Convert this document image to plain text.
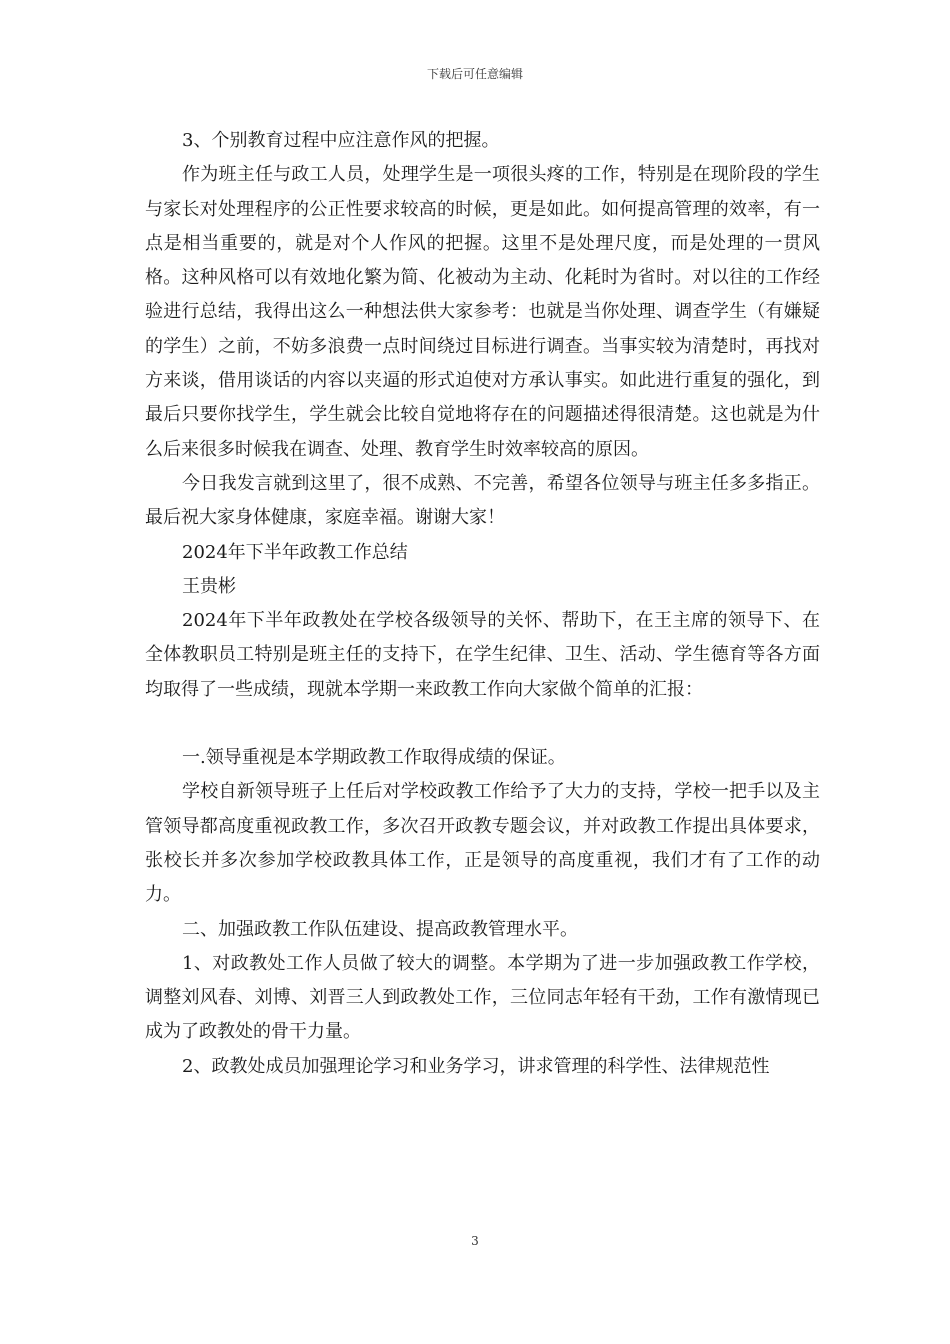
下载后可任意编辑

3、个别教育过程中应注意作风的把握。

作为班主任与政工人员，处理学生是一项很头疼的工作，特别是在现阶段的学生与家长对处理程序的公正性要求较高的时候，更是如此。如何提高管理的效率，有一点是相当重要的，就是对个人作风的把握。这里不是处理尺度，而是处理的一贯风格。这种风格可以有效地化繁为简、化被动为主动、化耗时为省时。对以往的工作经验进行总结，我得出这么一种想法供大家参考：也就是当你处理、调查学生（有嫌疑的学生）之前，不妨多浪费一点时间绕过目标进行调查。当事实较为清楚时，再找对方来谈，借用谈话的内容以夹逼的形式迫使对方承认事实。如此进行重复的强化，到最后只要你找学生，学生就会比较自觉地将存在的问题描述得很清楚。这也就是为什么后来很多时候我在调查、处理、教育学生时效率较高的原因。

今日我发言就到这里了，很不成熟、不完善，希望各位领导与班主任多多指正。最后祝大家身体健康，家庭幸福。谢谢大家！

2024年下半年政教工作总结

王贵彬

2024年下半年政教处在学校各级领导的关怀、帮助下，在王主席的领导下、在全体教职员工特别是班主任的支持下，在学生纪律、卫生、活动、学生德育等各方面均取得了一些成绩，现就本学期一来政教工作向大家做个简单的汇报：

一.领导重视是本学期政教工作取得成绩的保证。

学校自新领导班子上任后对学校政教工作给予了大力的支持，学校一把手以及主管领导都高度重视政教工作，多次召开政教专题会议，并对政教工作提出具体要求，张校长并多次参加学校政教具体工作，正是领导的高度重视，我们才有了工作的动力。

二、加强政教工作队伍建设、提高政教管理水平。

1、对政教处工作人员做了较大的调整。本学期为了进一步加强政教工作学校，调整刘风春、刘博、刘晋三人到政教处工作，三位同志年轻有干劲，工作有激情现已成为了政教处的骨干力量。

2、政教处成员加强理论学习和业务学习，讲求管理的科学性、法律规范性

3
